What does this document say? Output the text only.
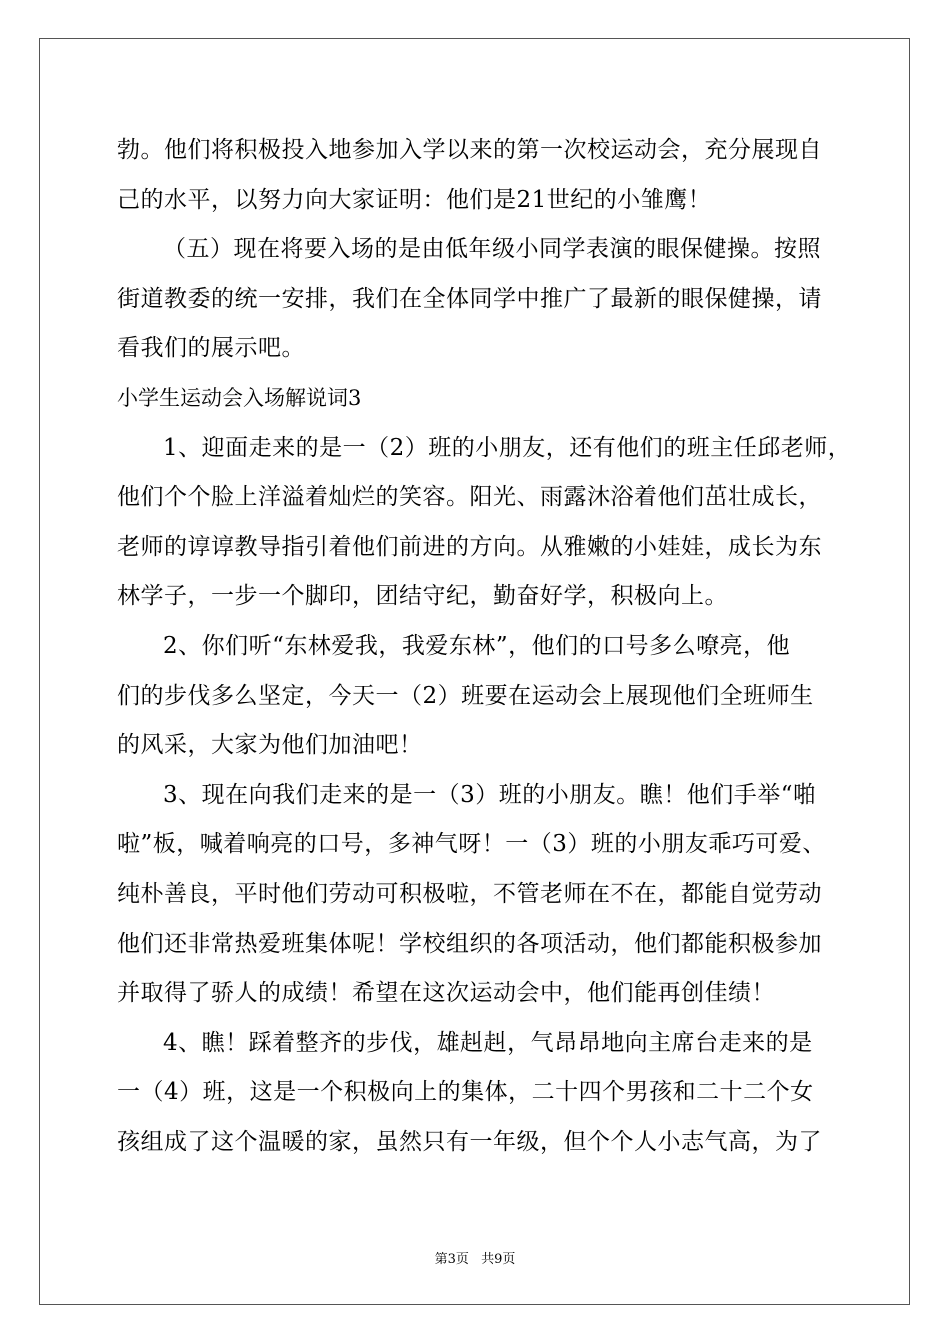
勃。他们将积极投入地参加入学以来的第一次校运动会，充分展现自
己的水平，以努力向大家证明：他们是21世纪的小雏鹰！
（五）现在将要入场的是由低年级小同学表演的眼保健操。按照
街道教委的统一安排，我们在全体同学中推广了最新的眼保健操，请
看我们的展示吧。
小学生运动会入场解说词3
1、迎面走来的是一（2）班的小朋友，还有他们的班主任邱老师，
他们个个脸上洋溢着灿烂的笑容。阳光、雨露沐浴着他们茁壮成长，
老师的谆谆教导指引着他们前进的方向。从雅嫩的小娃娃，成长为东
林学子，一步一个脚印，团结守纪，勤奋好学，积极向上。
2、你们听“东林爱我，我爱东林”，他们的口号多么嘹亮，他
们的步伐多么坚定，今天一（2）班要在运动会上展现他们全班师生
的风采，大家为他们加油吧！
3、现在向我们走来的是一（3）班的小朋友。瞧！他们手举“啪
啦”板，喊着响亮的口号，多神气呀！一（3）班的小朋友乖巧可爱、
纯朴善良，平时他们劳动可积极啦，不管老师在不在，都能自觉劳动
他们还非常热爱班集体呢！学校组织的各项活动，他们都能积极参加
并取得了骄人的成绩！希望在这次运动会中，他们能再创佳绩！
4、瞧！踩着整齐的步伐，雄赳赳，气昂昂地向主席台走来的是
一（4）班，这是一个积极向上的集体，二十四个男孩和二十二个女
孩组成了这个温暖的家，虽然只有一年级，但个个人小志气高，为了
第3页 共9页
